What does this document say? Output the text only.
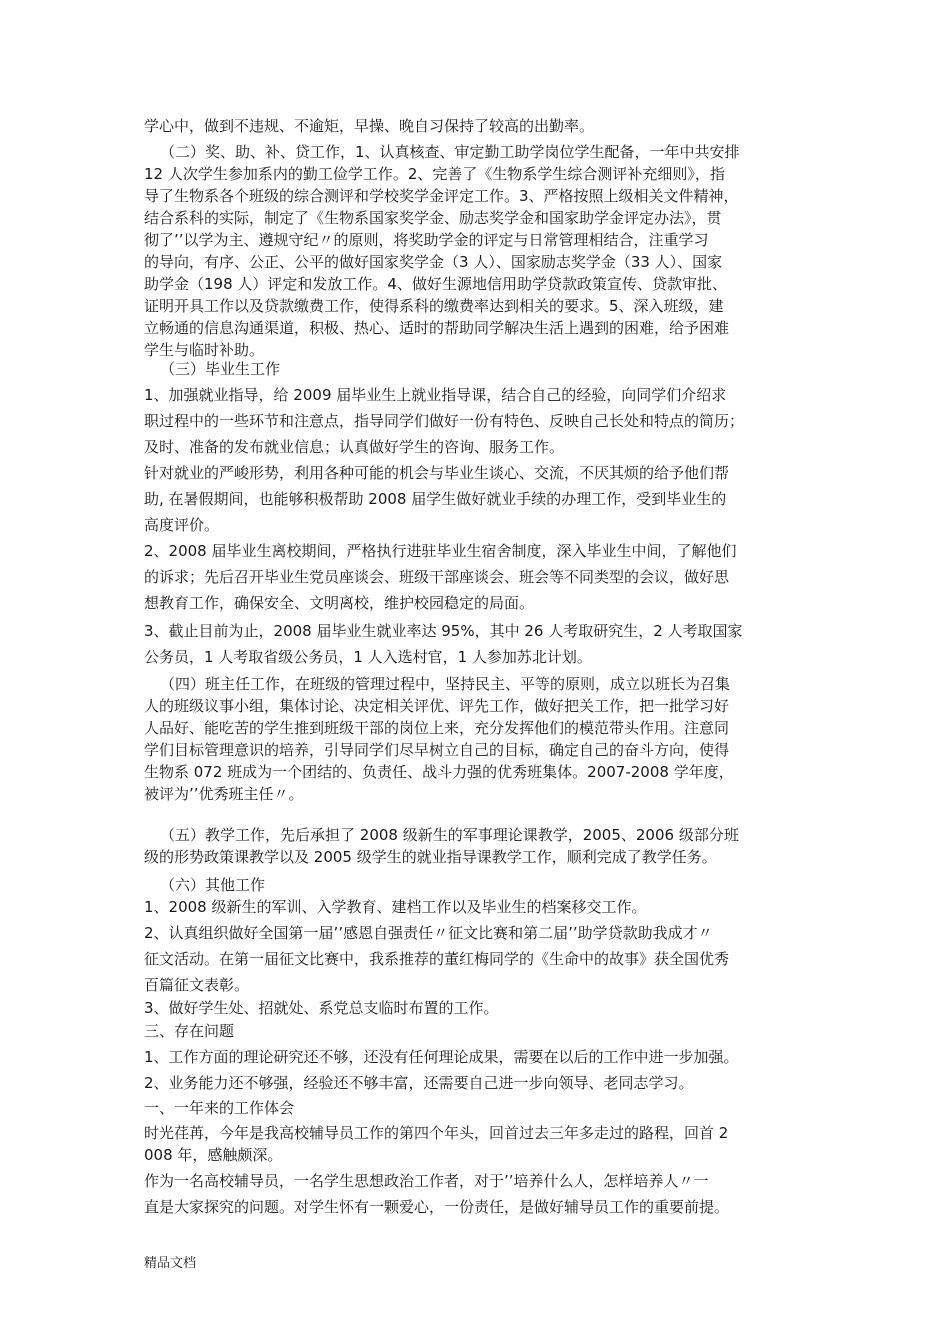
学心中，做到不违规、不逾矩，早操、晚自习保持了较高的出勤率。
（二）奖、助、补、贷工作，1、认真核查、审定勤工助学岗位学生配备，一年中共安排
12 人次学生参加系内的勤工俭学工作。2、完善了《生物系学生综合测评补充细则》，指
导了生物系各个班级的综合测评和学校奖学金评定工作。3、严格按照上级相关文件精神，
结合系科的实际，制定了《生物系国家奖学金、励志奖学金和国家助学金评定办法》，贯
彻了’’以学为主、遵规守纪〃的原则，将奖助学金的评定与日常管理相结合，注重学习
的导向，有序、公正、公平的做好国家奖学金（3 人）、国家励志奖学金（33 人）、国家
助学金（198 人）评定和发放工作。4、做好生源地信用助学贷款政策宣传、贷款审批、
证明开具工作以及贷款缴费工作，使得系科的缴费率达到相关的要求。5、深入班级，建
立畅通的信息沟通渠道，积极、热心、适时的帮助同学解决生活上遇到的困难，给予困难
学生与临时补助。
（三）毕业生工作
1、加强就业指导，给 2009 届毕业生上就业指导课，结合自己的经验，向同学们介绍求
职过程中的一些环节和注意点，指导同学们做好一份有特色、反映自己长处和特点的简历；
及时、准备的发布就业信息；认真做好学生的咨询、服务工作。
针对就业的严峻形势，利用各种可能的机会与毕业生谈心、交流，不厌其烦的给予他们帮
助, 在暑假期间，也能够积极帮助 2008 届学生做好就业手续的办理工作，受到毕业生的
高度评价。
2、2008 届毕业生离校期间，严格执行进驻毕业生宿舍制度，深入毕业生中间，了解他们
的诉求；先后召开毕业生党员座谈会、班级干部座谈会、班会等不同类型的会议，做好思
想教育工作，确保安全、文明离校，维护校园稳定的局面。
3、截止目前为止，2008 届毕业生就业率达 95%，其中 26 人考取研究生，2 人考取国家
公务员，1 人考取省级公务员，1 人入选村官，1 人参加苏北计划。
（四）班主任工作，在班级的管理过程中，坚持民主、平等的原则，成立以班长为召集
人的班级议事小组，集体讨论、决定相关评优、评先工作，做好把关工作，把一批学习好
人品好、能吃苦的学生推到班级干部的岗位上来，充分发挥他们的模范带头作用。注意同
学们目标管理意识的培养，引导同学们尽早树立自己的目标，确定自己的奋斗方向，使得
生物系 072 班成为一个团结的、负责任、战斗力强的优秀班集体。2007-2008 学年度，
被评为’’优秀班主任〃。
（五）教学工作，先后承担了 2008 级新生的军事理论课教学，2005、2006 级部分班
级的形势政策课教学以及 2005 级学生的就业指导课教学工作，顺利完成了教学任务。
（六）其他工作
1、2008 级新生的军训、入学教育、建档工作以及毕业生的档案移交工作。
2、认真组织做好全国第一届’’感恩自强责任〃征文比赛和第二届’’助学贷款助我成才〃
征文活动。在第一届征文比赛中，我系推荐的董红梅同学的《生命中的故事》获全国优秀
百篇征文表彰。
3、做好学生处、招就处、系党总支临时布置的工作。
三、存在问题
1、工作方面的理论研究还不够，还没有任何理论成果，需要在以后的工作中进一步加强。
2、业务能力还不够强，经验还不够丰富，还需要自己进一步向领导、老同志学习。
一、一年来的工作体会
时光荏苒，今年是我高校辅导员工作的第四个年头，回首过去三年多走过的路程，回首 2
008 年，感触颇深。
作为一名高校辅导员，一名学生思想政治工作者，对于’’培养什么人，怎样培养人〃一
直是大家探究的问题。对学生怀有一颗爱心，一份责任，是做好辅导员工作的重要前提。
精品文档
